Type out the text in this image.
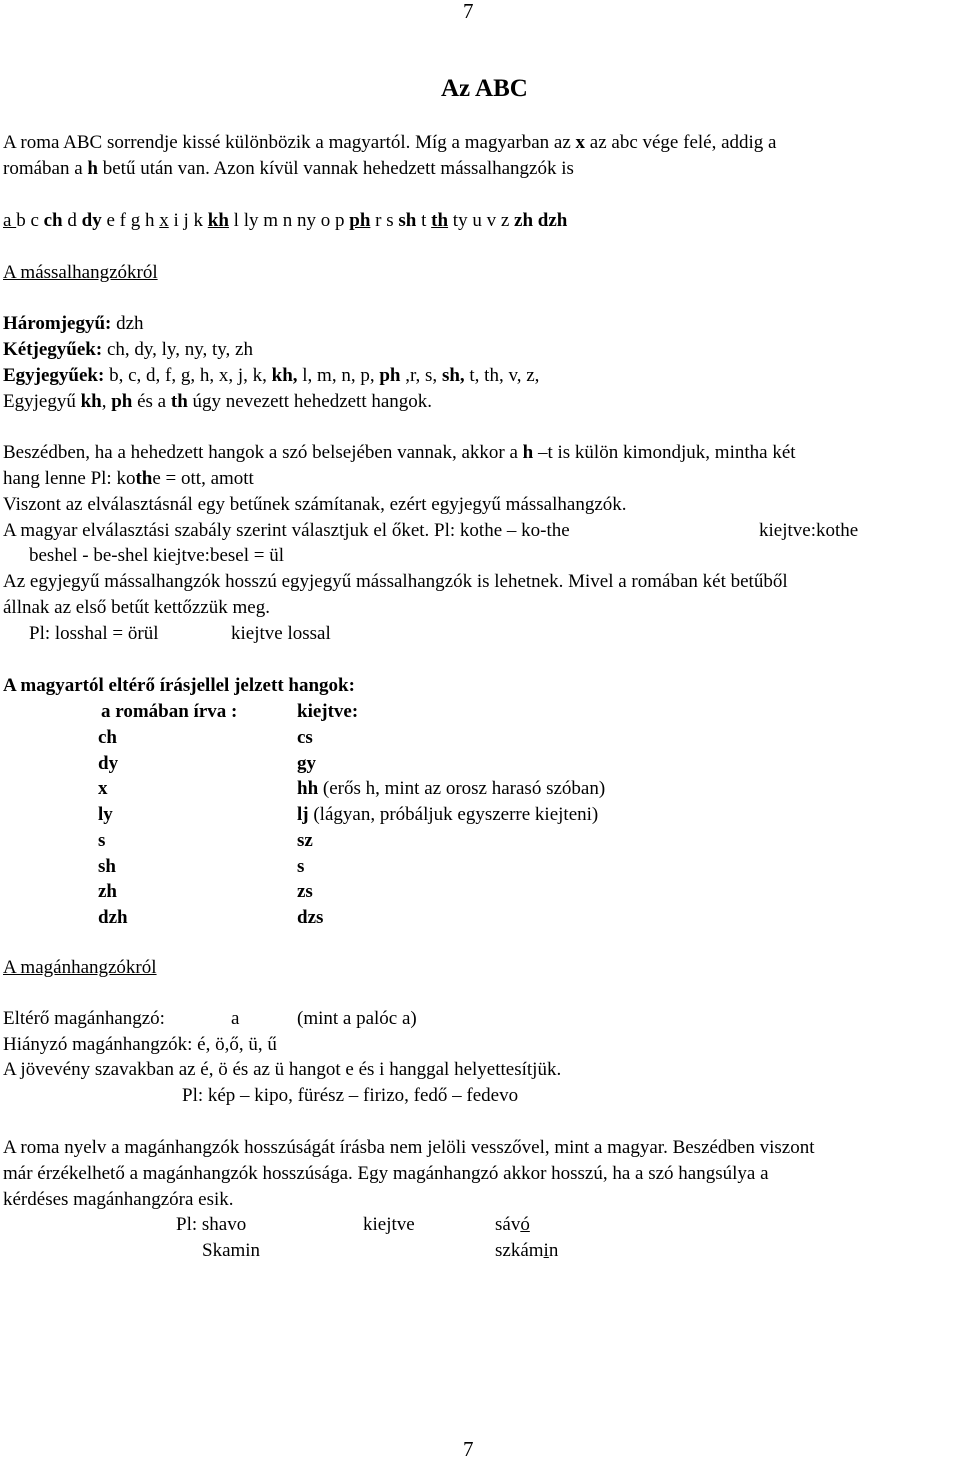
7
Az ABC
A roma ABC sorrendje kissé különbözik a magyartól. Míg a magyarban az x az abc vége felé, addig a
romában a h betű után van. Azon kívül vannak hehedzett mássalhangzók is
a b c ch d dy e f g h x i j k kh l ly m n ny o p ph r s sh t th ty u v z zh dzh
A mássalhangzókról
Háromjegyű: dzh
Kétjegyűek: ch, dy, ly, ny, ty, zh
Egyjegyűek: b, c, d, f, g, h, x, j, k, kh, l, m, n, p, ph ,r, s, sh, t, th, v, z,
Egyjegyű kh, ph és a th úgy nevezett hehedzett hangok.
Beszédben, ha a hehedzett hangok a szó belsejében vannak, akkor a h –t is külön kimondjuk, mintha két
hang lenne Pl: kothe = ott, amott
Viszont az elválasztásnál egy betűnek számítanak, ezért egyjegyű mássalhangzók.
A magyar elválasztási szabály szerint választjuk el őket. Pl: kothe – ko-the	kiejtve:kothe
beshel - be-shel kiejtve:besel = ül
Az egyjegyű mássalhangzók hosszú egyjegyű mássalhangzók is lehetnek. Mivel a romában két betűből
állnak az első betűt kettőzzük meg.
Pl: losshal = örül	kiejtve lossal
A magyartól eltérő írásjellel jelzett hangok:
a romában írva :	kiejtve:
ch	cs
dy	gy
x	hh (erős h, mint az orosz harasó szóban)
ly	lj (lágyan, próbáljuk egyszerre kiejteni)
s	sz
sh	s
zh	zs
dzh	dzs
A magánhangzókról
Eltérő magánhangzó:	a	(mint a palóc a)
Hiányzó magánhangzók: é, ö,ő, ü, ű
A jövevény szavakban az é, ö és az ü hangot e és i hanggal helyettesítjük.
Pl: kép – kipo, fürész – firizo, fedő – fedevo
A roma nyelv a magánhangzók hosszúságát írásba nem jelöli vesszővel, mint a magyar. Beszédben viszont
már érzékelhető a magánhangzók hosszúsága. Egy magánhangzó akkor hosszú, ha a szó hangsúlya a
kérdéses magánhangzóra esik.
Pl: shavo	kiejtve	sávó
Skamin	szkámin
7
